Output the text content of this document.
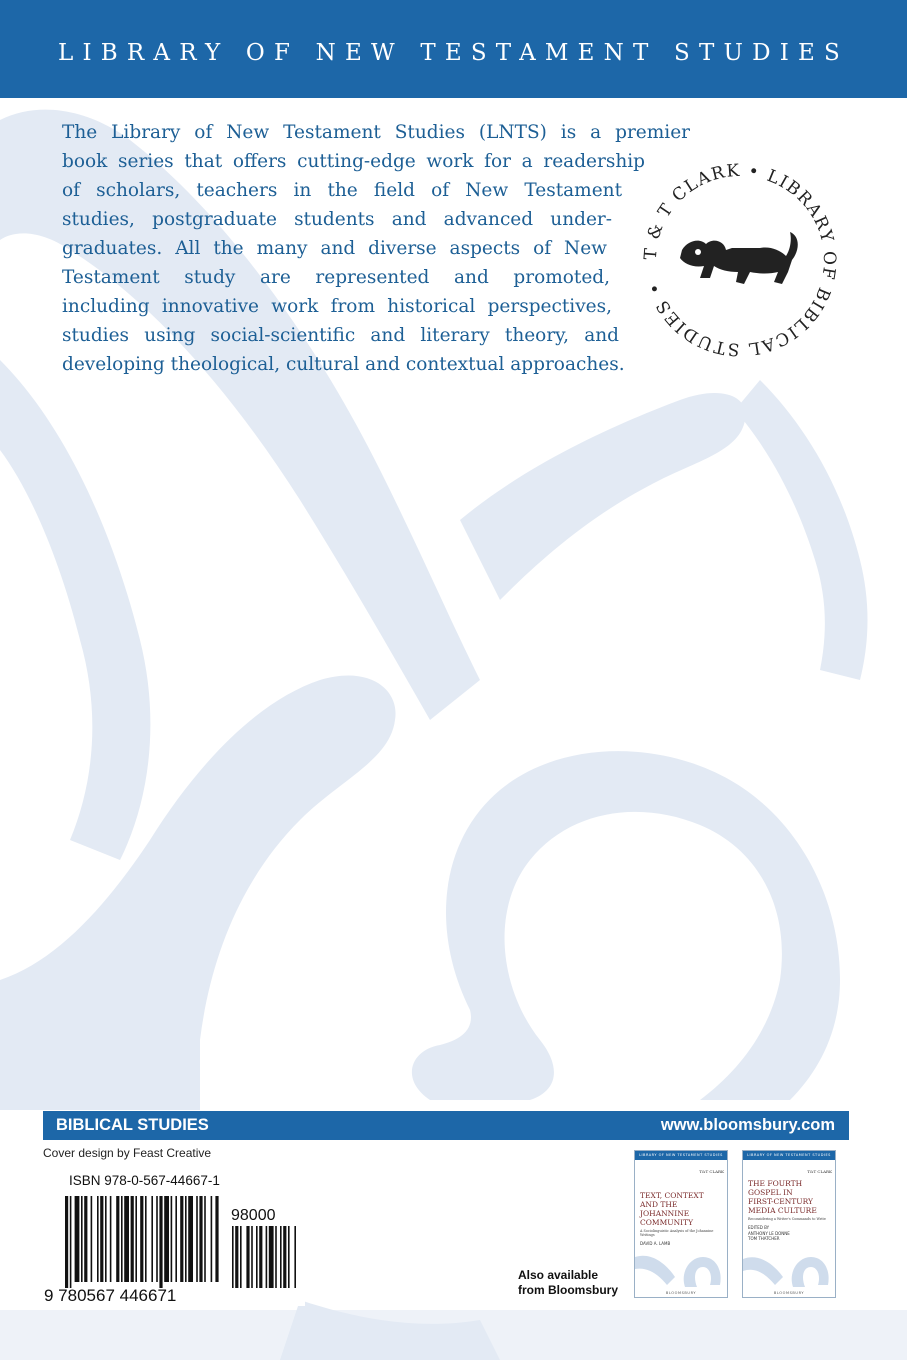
LIBRARY OF NEW TESTAMENT STUDIES
The Library of New Testament Studies (LNTS) is a premier
book series that offers cutting-edge work for a readership
of scholars, teachers in the field of New Testament
studies, postgraduate students and advanced under-
graduates. All the many and diverse aspects of New
Testament study are represented and promoted,
including innovative work from historical perspectives,
studies using social-scientific and literary theory, and
developing theological, cultural and contextual approaches.
T & T CLARK • LIBRARY OF BIBLICAL STUDIES •
BIBLICAL STUDIES	www.bloomsbury.com
Cover design by Feast Creative
ISBN 978-0-567-44667-1
9 780567 446671
98000
Also available
from Bloomsbury
LIBRARY OF NEW TESTAMENT STUDIES
T&T CLARK
TEXT, CONTEXT
AND THE
JOHANNINE
COMMUNITY
A Sociolinguistic Analysis of the Johannine Writings
DAVID A. LAMB
BLOOMSBURY
LIBRARY OF NEW TESTAMENT STUDIES
T&T CLARK
THE FOURTH
GOSPEL IN
FIRST-CENTURY
MEDIA CULTURE
Reconsidering a Writer's Commands to Write
EDITED BY
ANTHONY LE DONNE
TOM THATCHER
BLOOMSBURY
